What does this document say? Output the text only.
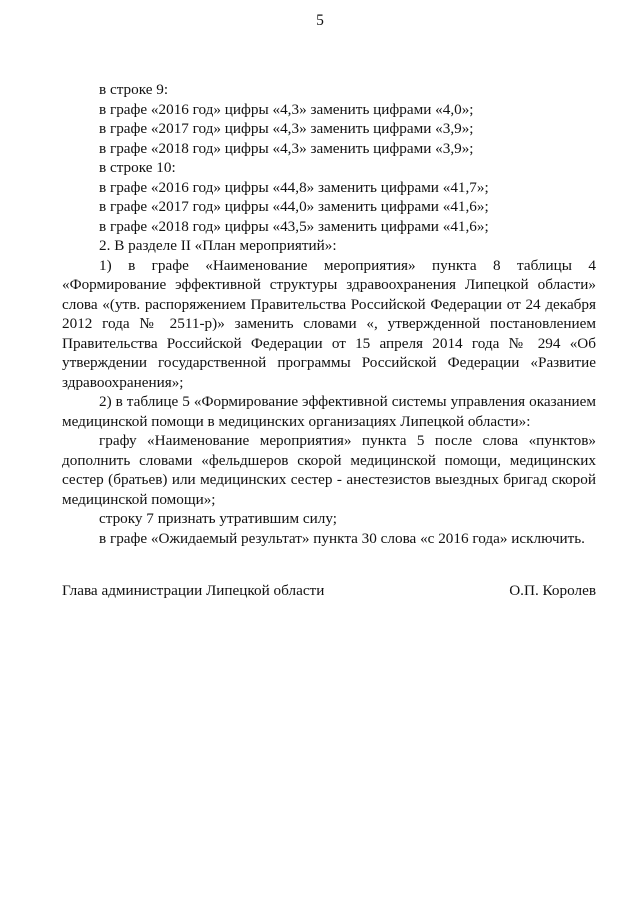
5
в строке 9:
в графе «2016 год» цифры «4,3» заменить цифрами «4,0»;
в графе «2017 год» цифры «4,3» заменить цифрами «3,9»;
в графе «2018 год» цифры «4,3» заменить цифрами «3,9»;
в строке 10:
в графе «2016 год» цифры «44,8» заменить цифрами «41,7»;
в графе «2017 год» цифры «44,0» заменить цифрами «41,6»;
в графе «2018 год» цифры «43,5» заменить цифрами «41,6»;
2. В разделе II «План мероприятий»:
1) в графе «Наименование мероприятия» пункта 8 таблицы 4 «Формирование эффективной структуры здравоохранения Липецкой области» слова «(утв. распоряжением Правительства Российской Федерации от 24 декабря 2012 года № 2511-р)» заменить словами «, утвержденной постановлением Правительства Российской Федерации от 15 апреля 2014 года № 294 «Об утверждении государственной программы Российской Федерации «Развитие здравоохранения»;
2) в таблице 5 «Формирование эффективной системы управления оказанием медицинской помощи в медицинских организациях Липецкой области»:
графу «Наименование мероприятия» пункта 5 после слова «пунктов» дополнить словами «фельдшеров скорой медицинской помощи, медицинских сестер (братьев) или медицинских сестер - анестезистов выездных бригад скорой медицинской помощи»;
строку 7 признать утратившим силу;
в графе «Ожидаемый результат» пункта 30 слова «с 2016 года» исключить.
Глава администрации Липецкой области	О.П. Королев
